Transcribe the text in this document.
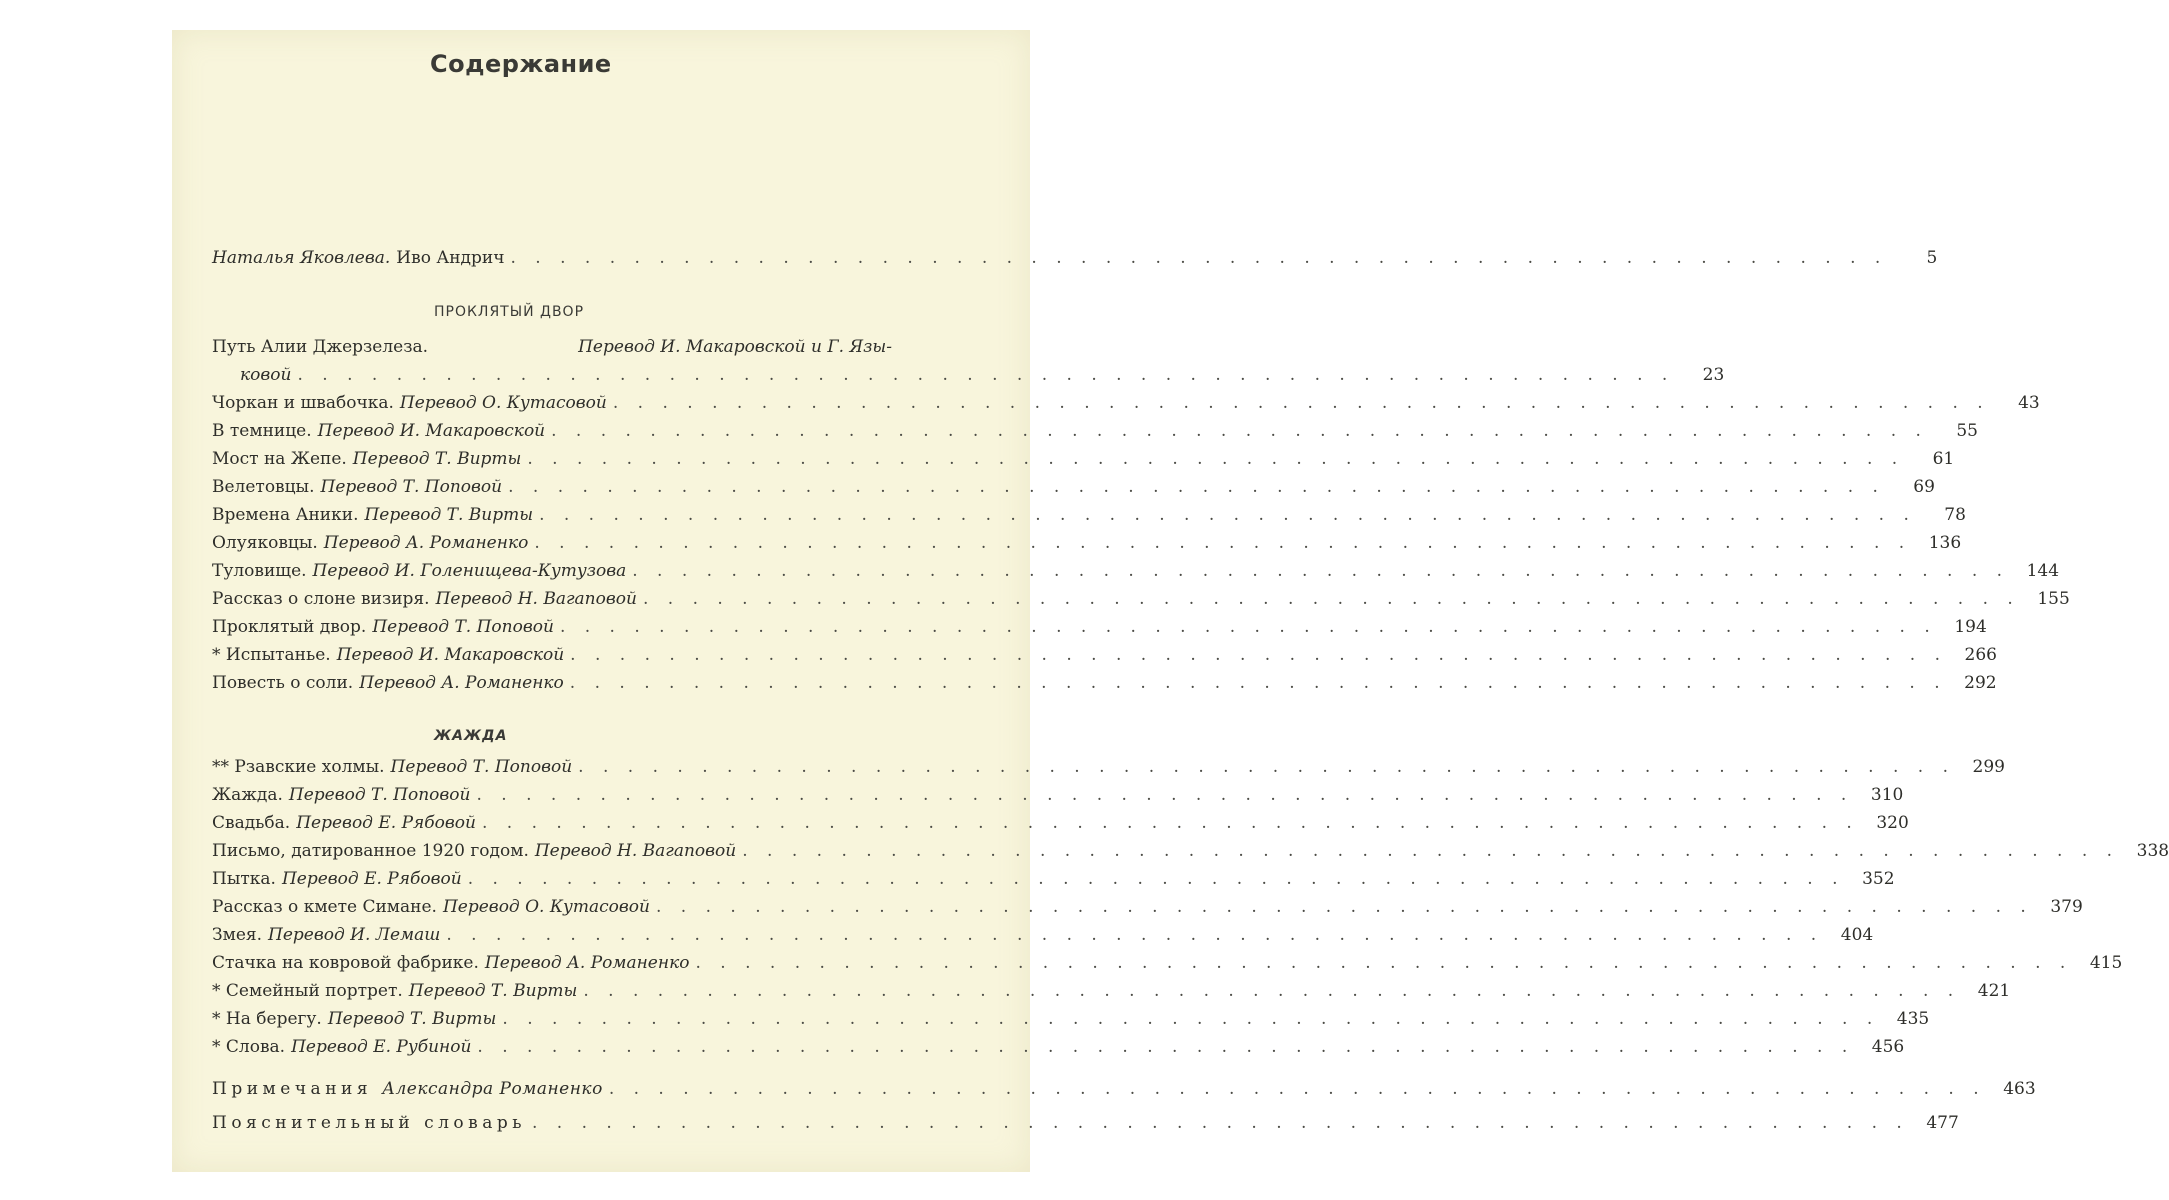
Содержание
Наталья Яковлева. Иво Андрич . . . . . . . . . . . . . . . . . . . . . . . . . . . . . . . . . . . . . . . . . . . . . . . . . . . . . . . .	5
ПРОКЛЯТЫЙ ДВОР
Путь Алии Джерзелеза.	Перевод И. Макаровской и Г. Язы-
ковой . . . . . . . . . . . . . . . . . . . . . . . . . . . . . . . . . . . . . . . . . . . . . . . . . . . . . . . .	23
Чоркан и швабочка. Перевод О. Кутасовой . . . . . . . . . . . . . . . . . . . . . . . . . . . . . . . . . . . . . . . . . . . . . . . . . . . . . . . .	43
В темнице. Перевод И. Макаровской . . . . . . . . . . . . . . . . . . . . . . . . . . . . . . . . . . . . . . . . . . . . . . . . . . . . . . . .	55
Мост на Жепе. Перевод Т. Вирты . . . . . . . . . . . . . . . . . . . . . . . . . . . . . . . . . . . . . . . . . . . . . . . . . . . . . . . .	61
Велетовцы. Перевод Т. Поповой . . . . . . . . . . . . . . . . . . . . . . . . . . . . . . . . . . . . . . . . . . . . . . . . . . . . . . . .	69
Времена Аники. Перевод Т. Вирты . . . . . . . . . . . . . . . . . . . . . . . . . . . . . . . . . . . . . . . . . . . . . . . . . . . . . . . .	78
Олуяковцы. Перевод А. Романенко . . . . . . . . . . . . . . . . . . . . . . . . . . . . . . . . . . . . . . . . . . . . . . . . . . . . . . . .	136
Туловище. Перевод И. Голенищева-Кутузова . . . . . . . . . . . . . . . . . . . . . . . . . . . . . . . . . . . . . . . . . . . . . . . . . . . . . . . .	144
Рассказ о слоне визиря. Перевод Н. Вагаповой . . . . . . . . . . . . . . . . . . . . . . . . . . . . . . . . . . . . . . . . . . . . . . . . . . . . . . . .	155
Проклятый двор. Перевод Т. Поповой . . . . . . . . . . . . . . . . . . . . . . . . . . . . . . . . . . . . . . . . . . . . . . . . . . . . . . . .	194
* Испытанье. Перевод И. Макаровской . . . . . . . . . . . . . . . . . . . . . . . . . . . . . . . . . . . . . . . . . . . . . . . . . . . . . . . .	266
Повесть о соли. Перевод А. Романенко . . . . . . . . . . . . . . . . . . . . . . . . . . . . . . . . . . . . . . . . . . . . . . . . . . . . . . . .	292
ЖАЖДА
** Рзавские холмы. Перевод Т. Поповой . . . . . . . . . . . . . . . . . . . . . . . . . . . . . . . . . . . . . . . . . . . . . . . . . . . . . . . .	299
Жажда. Перевод Т. Поповой . . . . . . . . . . . . . . . . . . . . . . . . . . . . . . . . . . . . . . . . . . . . . . . . . . . . . . . .	310
Свадьба. Перевод Е. Рябовой . . . . . . . . . . . . . . . . . . . . . . . . . . . . . . . . . . . . . . . . . . . . . . . . . . . . . . . .	320
Письмо, датированное 1920 годом. Перевод Н. Вагаповой . . . . . . . . . . . . . . . . . . . . . . . . . . . . . . . . . . . . . . . . . . . . . . . . . . . . . . . .	338
Пытка. Перевод Е. Рябовой . . . . . . . . . . . . . . . . . . . . . . . . . . . . . . . . . . . . . . . . . . . . . . . . . . . . . . . .	352
Рассказ о кмете Симане. Перевод О. Кутасовой . . . . . . . . . . . . . . . . . . . . . . . . . . . . . . . . . . . . . . . . . . . . . . . . . . . . . . . .	379
Змея. Перевод И. Лемаш . . . . . . . . . . . . . . . . . . . . . . . . . . . . . . . . . . . . . . . . . . . . . . . . . . . . . . . .	404
Стачка на ковровой фабрике. Перевод А. Романенко . . . . . . . . . . . . . . . . . . . . . . . . . . . . . . . . . . . . . . . . . . . . . . . . . . . . . . . .	415
* Семейный портрет. Перевод Т. Вирты . . . . . . . . . . . . . . . . . . . . . . . . . . . . . . . . . . . . . . . . . . . . . . . . . . . . . . . .	421
* На берегу. Перевод Т. Вирты . . . . . . . . . . . . . . . . . . . . . . . . . . . . . . . . . . . . . . . . . . . . . . . . . . . . . . . .	435
* Слова. Перевод Е. Рубиной . . . . . . . . . . . . . . . . . . . . . . . . . . . . . . . . . . . . . . . . . . . . . . . . . . . . . . . .	456
Примечания Александра Романенко . . . . . . . . . . . . . . . . . . . . . . . . . . . . . . . . . . . . . . . . . . . . . . . . . . . . . . . .	463
Пояснительный словарь . . . . . . . . . . . . . . . . . . . . . . . . . . . . . . . . . . . . . . . . . . . . . . . . . . . . . . . .	477
